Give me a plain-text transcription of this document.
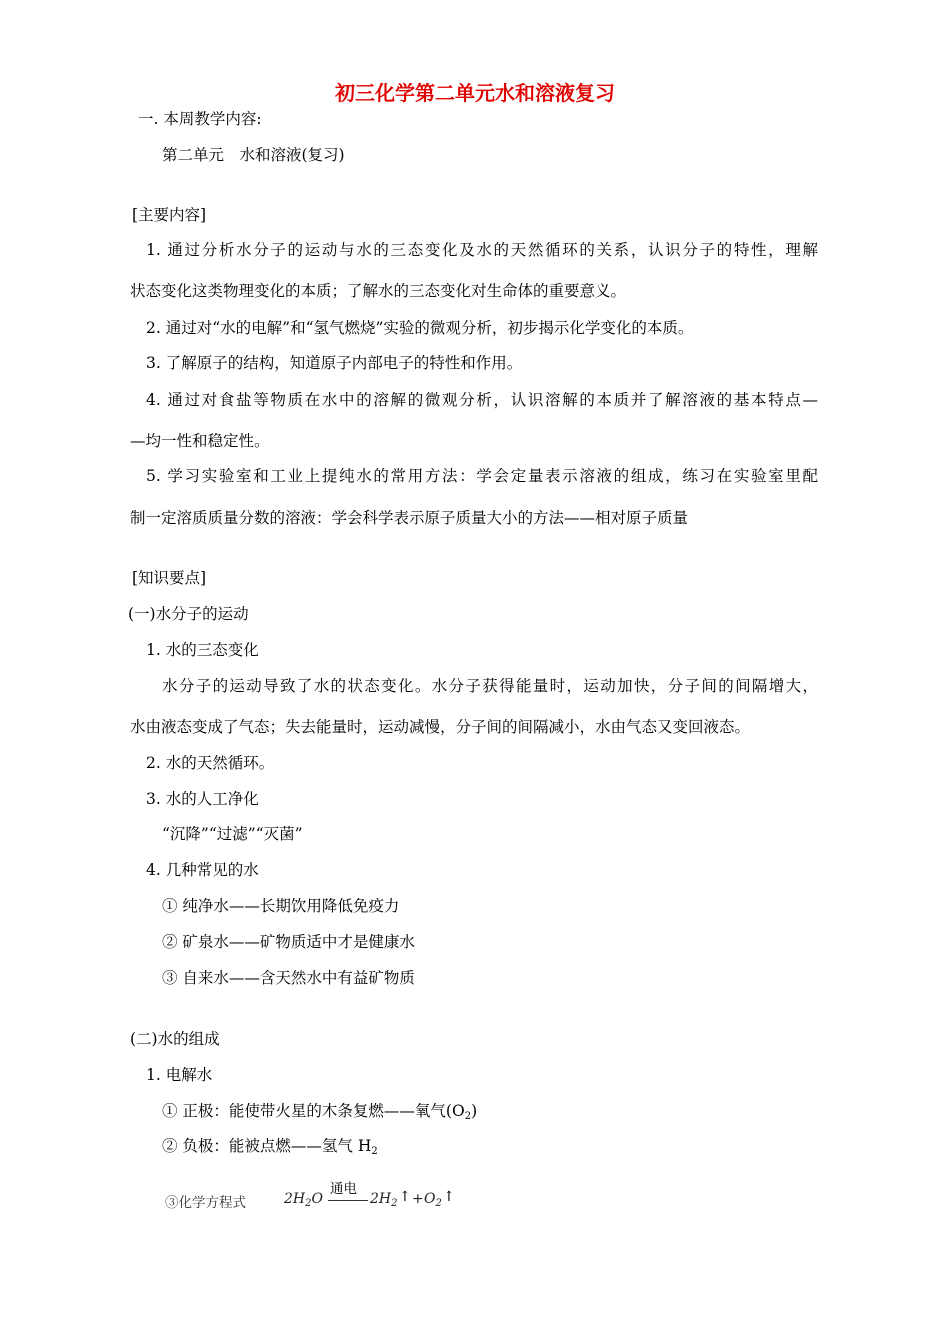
初三化学第二单元水和溶液复习
一. 本周教学内容:
第二单元　水和溶液(复习)
[主要内容]
1. 通过分析水分子的运动与水的三态变化及水的天然循环的关系，认识分子的特性，理解
状态变化这类物理变化的本质；了解水的三态变化对生命体的重要意义。
2. 通过对“水的电解”和“氢气燃烧”实验的微观分析，初步揭示化学变化的本质。
3. 了解原子的结构，知道原子内部电子的特性和作用。
4. 通过对食盐等物质在水中的溶解的微观分析，认识溶解的本质并了解溶液的基本特点—
—均一性和稳定性。
5. 学习实验室和工业上提纯水的常用方法：学会定量表示溶液的组成，练习在实验室里配
制一定溶质质量分数的溶液：学会科学表示原子质量大小的方法——相对原子质量
[知识要点]
(一)水分子的运动
1. 水的三态变化
水分子的运动导致了水的状态变化。水分子获得能量时，运动加快，分子间的间隔增大，
水由液态变成了气态；失去能量时，运动减慢，分子间的间隔减小，水由气态又变回液态。
2. 水的天然循环。
3. 水的人工净化
“沉降”“过滤”“灭菌”
4. 几种常见的水
① 纯净水——长期饮用降低免疫力
② 矿泉水——矿物质适中才是健康水
③ 自来水——含天然水中有益矿物质
(二)水的组成
1. 电解水
① 正极：能使带火星的木条复燃——氧气$(O_2)$
② 负极：能被点燃——氢气 $H_2$
③化学方程式	$2H_2O$
通电
$2H_2$ ↑ + $O_2$ ↑
